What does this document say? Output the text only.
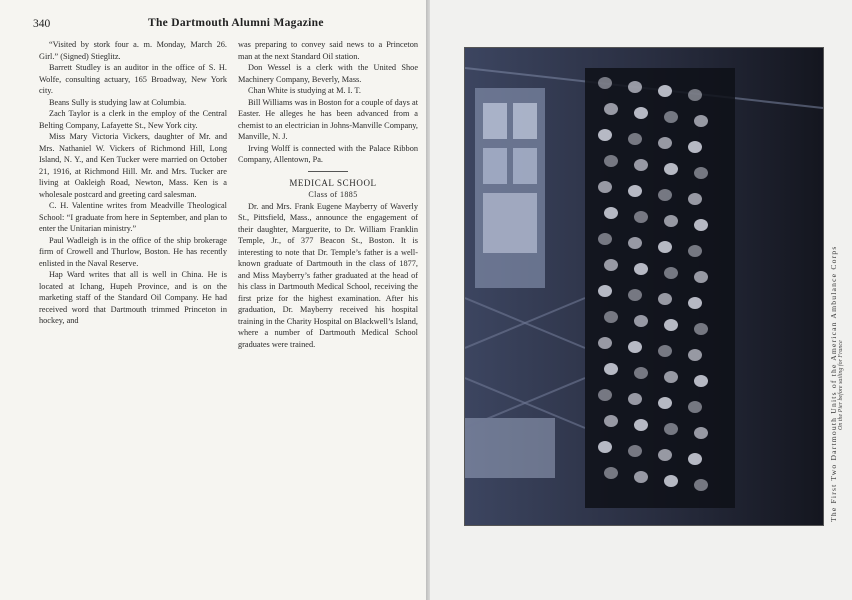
340	The Dartmouth Alumni Magazine

“Visited by stork four a. m. Monday, March 26. Girl.” (Signed) Stieglitz.

Barrett Studley is an auditor in the office of S. H. Wolfe, consulting actuary, 165 Broadway, New York city.

Beans Sully is studying law at Columbia.

Zach Taylor is a clerk in the employ of the Central Belting Company, Lafayette St., New York city.

Miss Mary Victoria Vickers, daughter of Mr. and Mrs. Nathaniel W. Vickers of Richmond Hill, Long Island, N. Y., and Ken Tucker were married on October 21, 1916, at Richmond Hill. Mr. and Mrs. Tucker are living at Oakleigh Road, Newton, Mass. Ken is a wholesale postcard and greeting card salesman.

C. H. Valentine writes from Meadville Theological School: “I graduate from here in September, and plan to enter the Unitarian ministry.”

Paul Wadleigh is in the office of the ship brokerage firm of Crowell and Thurlow, Boston. He has recently enlisted in the Naval Reserve.

Hap Ward writes that all is well in China. He is located at Ichang, Hupeh Province, and is on the marketing staff of the Standard Oil Company. He had received word that Dartmouth trimmed Princeton in hockey, and

was preparing to convey said news to a Princeton man at the next Standard Oil station.

Don Wessel is a clerk with the United Shoe Machinery Company, Beverly, Mass.

Chan White is studying at M. I. T.

Bill Williams was in Boston for a couple of days at Easter. He alleges he has been advanced from a chemist to an electrician in Johns-Manville Company, Manville, N. J.

Irving Wolff is connected with the Palace Ribbon Company, Allentown, Pa.

MEDICAL SCHOOL

Class of 1885

Dr. and Mrs. Frank Eugene Mayberry of Waverly St., Pittsfield, Mass., announce the engagement of their daughter, Marguerite, to Dr. William Franklin Temple, Jr., of 377 Beacon St., Boston. It is interesting to note that Dr. Temple’s father is a well-known graduate of Dartmouth in the class of 1877, and Miss Mayberry’s father graduated at the head of his class in Dartmouth Medical School, receiving the first prize for the highest examination. After his graduation, Dr. Mayberry received his hospital training in the Charity Hospital on Blackwell’s Island, where a number of Dartmouth Medical School graduates were trained.	The First Two Dartmouth Units of the American Ambulance Corps On the Pier before sailing for France
